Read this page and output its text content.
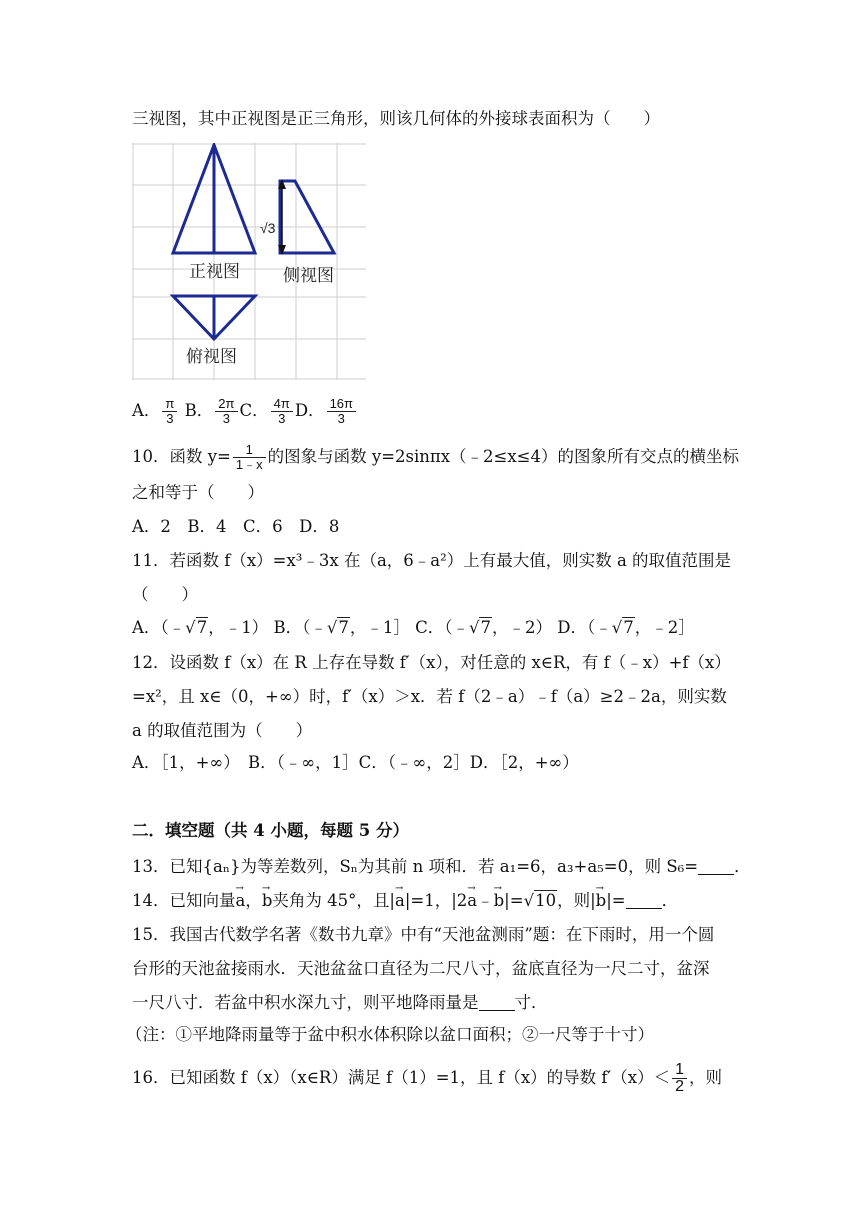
三视图，其中正视图是正三角形，则该几何体的外接球表面积为（　　）
√3
正视图	侧视图
俯视图
A． $\frac{\pi}{3}$ B． $\frac{2\pi}{3}$ C． $\frac{4\pi}{3}$ D． $\frac{16\pi}{3}$
10．函数 $y= \frac{1}{1﹣x}$ 的图象与函数 y=2sinπx（﹣2≤x≤4）的图象所有交点的横坐标
之和等于（　　）
A．2　B．4　C．6　D．8
11．若函数 f（x）=x³﹣3x 在（a，6﹣a²）上有最大值，则实数 a 的取值范围是
（　　）
A．（﹣√7，﹣1） B．（﹣√7，﹣1］ C．（﹣√7，﹣2） D．（﹣√7，﹣2］
12．设函数 f（x）在 R 上存在导数 f′（x），对任意的 x∈R，有 f（﹣x）+f（x）
=x²，且 x∈（0，+∞）时，f′（x）＞x．若 f（2﹣a）﹣f（a）≥2﹣2a，则实数
a 的取值范围为（　　）
A．［1，+∞）　B．（﹣∞，1］C．（﹣∞，2］D．［2，+∞）
二．填空题（共 4 小题，每题 5 分）
13．已知{aₙ}为等差数列，Sₙ为其前 n 项和．若 a₁=6，a₃+a₅=0，则 S₆= ．
14．已知向量→ a，→ b夹角为 45°，且|→ a|=1，|2→ a﹣→ b|=√10，则|→ b|= ．
15．我国古代数学名著《数书九章》中有“天池盆测雨”题：在下雨时，用一个圆
台形的天池盆接雨水．天池盆盆口直径为二尺八寸，盆底直径为一尺二寸，盆深
一尺八寸．若盆中积水深九寸，则平地降雨量是 寸．
（注：①平地降雨量等于盆中积水体积除以盆口面积；②一尺等于十寸）
16．已知函数 f（x）（x∈R）满足 f（1）=1，且 f（x）的导数 $f'(x)< \frac{1}{2}$ ，则
